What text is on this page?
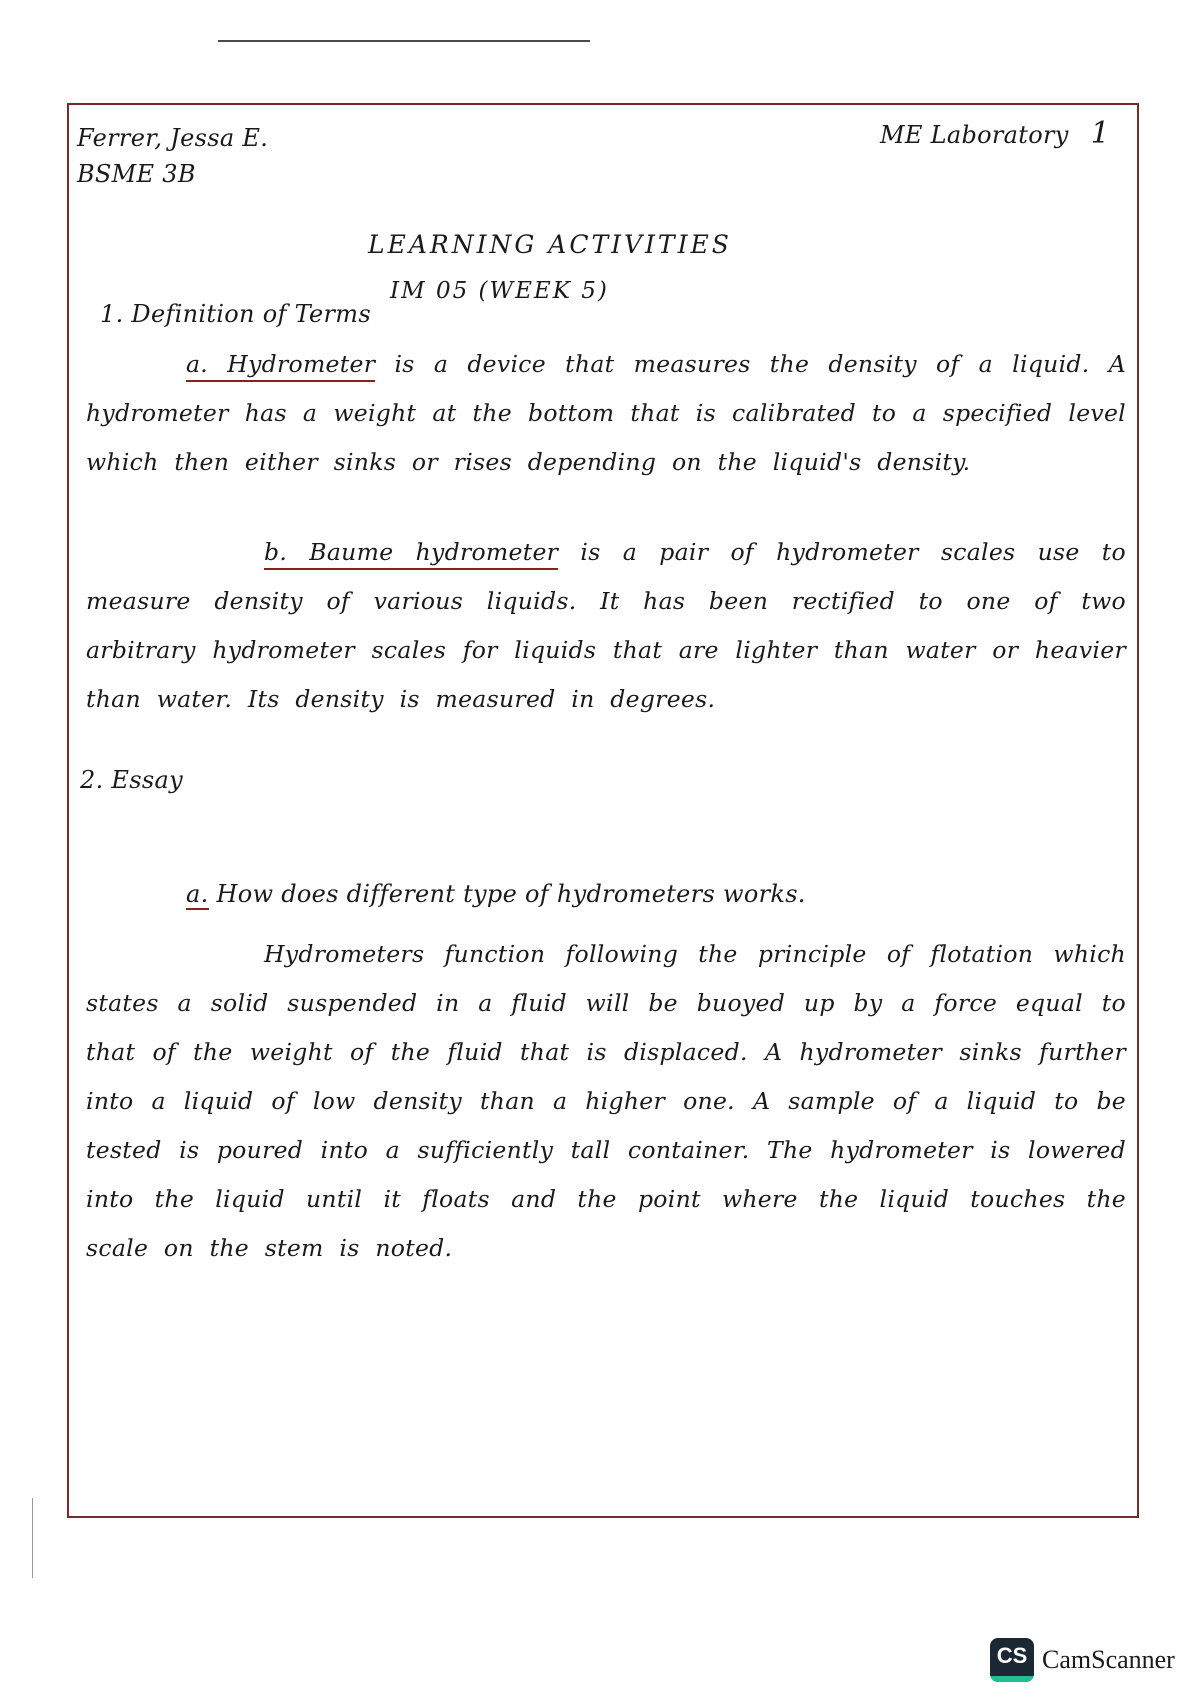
Ferrer, Jessa E.
BSME 3B
ME Laboratory 1
LEARNING ACTIVITIES
IM 05 (WEEK 5)
1. Definition of Terms
a. Hydrometer is a device that measures the density of a liquid. A hydrometer has a weight at the bottom that is calibrated to a specified level which then either sinks or rises depending on the liquid's density.
b. Baume hydrometer is a pair of hydrometer scales use to measure density of various liquids. It has been rectified to one of two arbitrary hydrometer scales for liquids that are lighter than water or heavier than water. Its density is measured in degrees.
2. Essay
a. How does different type of hydrometers works.
Hydrometers function following the principle of flotation which states a solid suspended in a fluid will be buoyed up by a force equal to that of the weight of the fluid that is displaced. A hydrometer sinks further into a liquid of low density than a higher one. A sample of a liquid to be tested is poured into a sufficiently tall container. The hydrometer is lowered into the liquid until it floats and the point where the liquid touches the scale on the stem is noted.
CS CamScanner
